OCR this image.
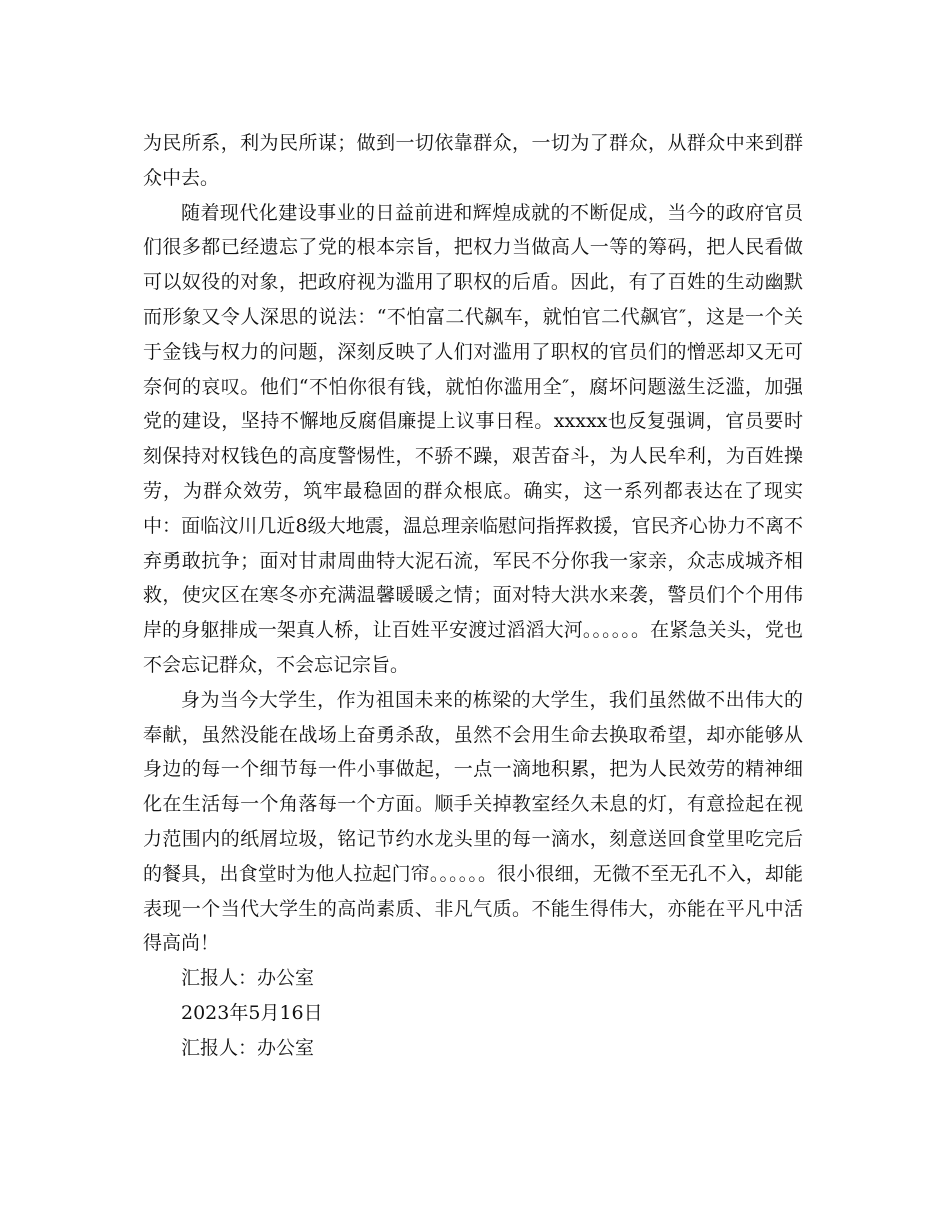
为民所系，利为民所谋；做到一切依靠群众，一切为了群众，从群众中来到群众中去。

随着现代化建设事业的日益前进和辉煌成就的不断促成，当今的政府官员们很多都已经遗忘了党的根本宗旨，把权力当做高人一等的筹码，把人民看做可以奴役的对象，把政府视为滥用了职权的后盾。因此，有了百姓的生动幽默而形象又令人深思的说法：“不怕富二代飙车，就怕官二代飙官″，这是一个关于金钱与权力的问题，深刻反映了人们对滥用了职权的官员们的憎恶却又无可奈何的哀叹。他们“不怕你很有钱，就怕你滥用全″，腐坏问题滋生泛滥，加强党的建设，坚持不懈地反腐倡廉提上议事日程。xxxxx也反复强调，官员要时刻保持对权钱色的高度警惕性，不骄不躁，艰苦奋斗，为人民牟利，为百姓操劳，为群众效劳，筑牢最稳固的群众根底。确实，这一系列都表达在了现实中：面临汶川几近8级大地震，温总理亲临慰问指挥救援，官民齐心协力不离不弃勇敢抗争；面对甘肃周曲特大泥石流，军民不分你我一家亲，众志成城齐相救，使灾区在寒冬亦充满温馨暖暖之情；面对特大洪水来袭，警员们个个用伟岸的身躯排成一架真人桥，让百姓平安渡过滔滔大河。。。。。。在紧急关头，党也不会忘记群众，不会忘记宗旨。

身为当今大学生，作为祖国未来的栋梁的大学生，我们虽然做不出伟大的奉献，虽然没能在战场上奋勇杀敌，虽然不会用生命去换取希望，却亦能够从身边的每一个细节每一件小事做起，一点一滴地积累，把为人民效劳的精神细化在生活每一个角落每一个方面。顺手关掉教室经久未息的灯，有意捡起在视力范围内的纸屑垃圾，铭记节约水龙头里的每一滴水，刻意送回食堂里吃完后的餐具，出食堂时为他人拉起门帘。。。。。。很小很细，无微不至无孔不入，却能表现一个当代大学生的高尚素质、非凡气质。不能生得伟大，亦能在平凡中活得高尚！

汇报人：办公室

2023年5月16日

汇报人：办公室
